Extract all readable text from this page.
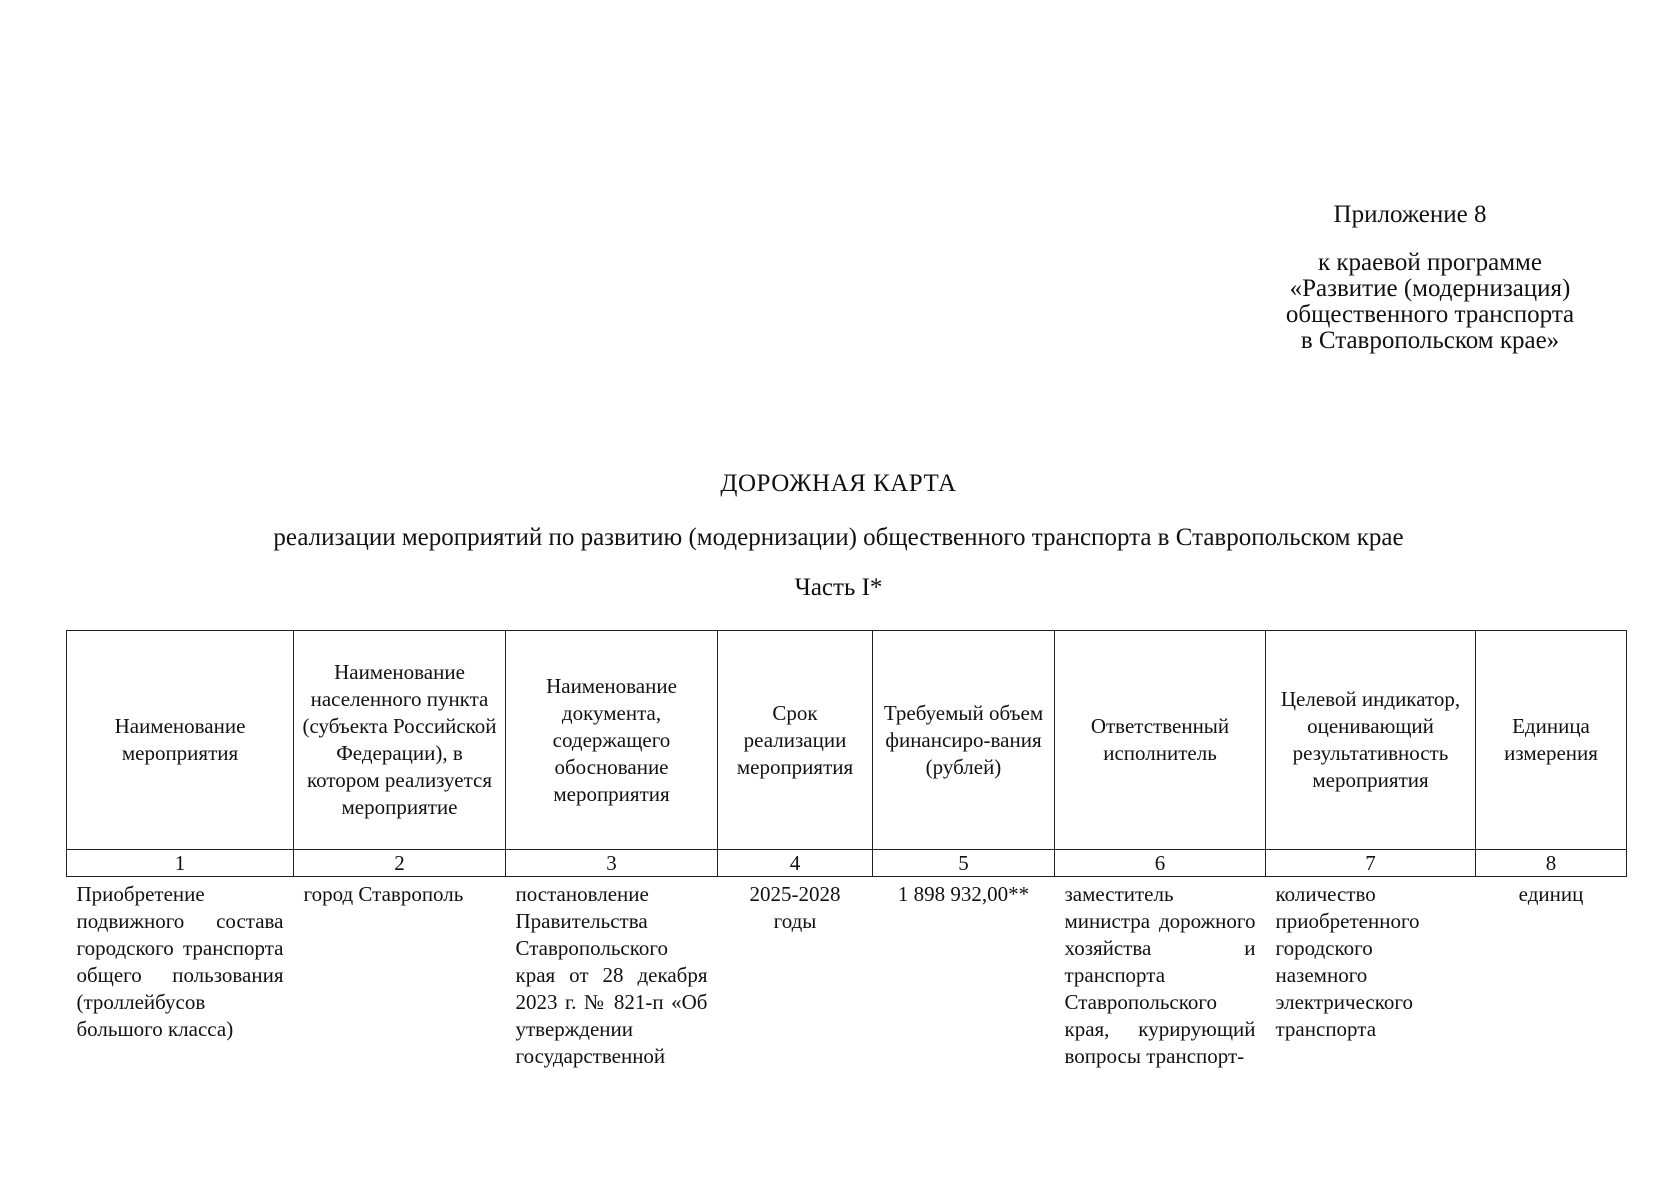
Приложение 8
к краевой программе
«Развитие (модернизация)
общественного транспорта
в Ставропольском крае»
ДОРОЖНАЯ КАРТА
реализации мероприятий по развитию (модернизации) общественного транспорта в Ставропольском крае
Часть I*
Наименование мероприятия	Наименование населенного пункта (субъекта Российской Федерации), в котором реализуется мероприятие	Наименование документа, содержащего обоснование мероприятия	Срок реализации мероприятия	Требуемый объем финансиро-вания (рублей)	Ответственный исполнитель	Целевой индикатор, оценивающий результативность мероприятия	Единица измерения
1	2	3	4	5	6	7	8
Приобретение подвижного состава городского транспорта общего пользования (троллейбусов большого класса)	город Ставрополь	постановление Правительства Ставропольского края от 28 декабря 2023 г. № 821-п «Об утверждении государственной	2025-2028 годы	1 898 932,00**	заместитель министра дорожного хозяйства и транспорта Ставропольского края, курирующий вопросы транспорт-	количество приобретенного городского наземного электрического транспорта	единиц
